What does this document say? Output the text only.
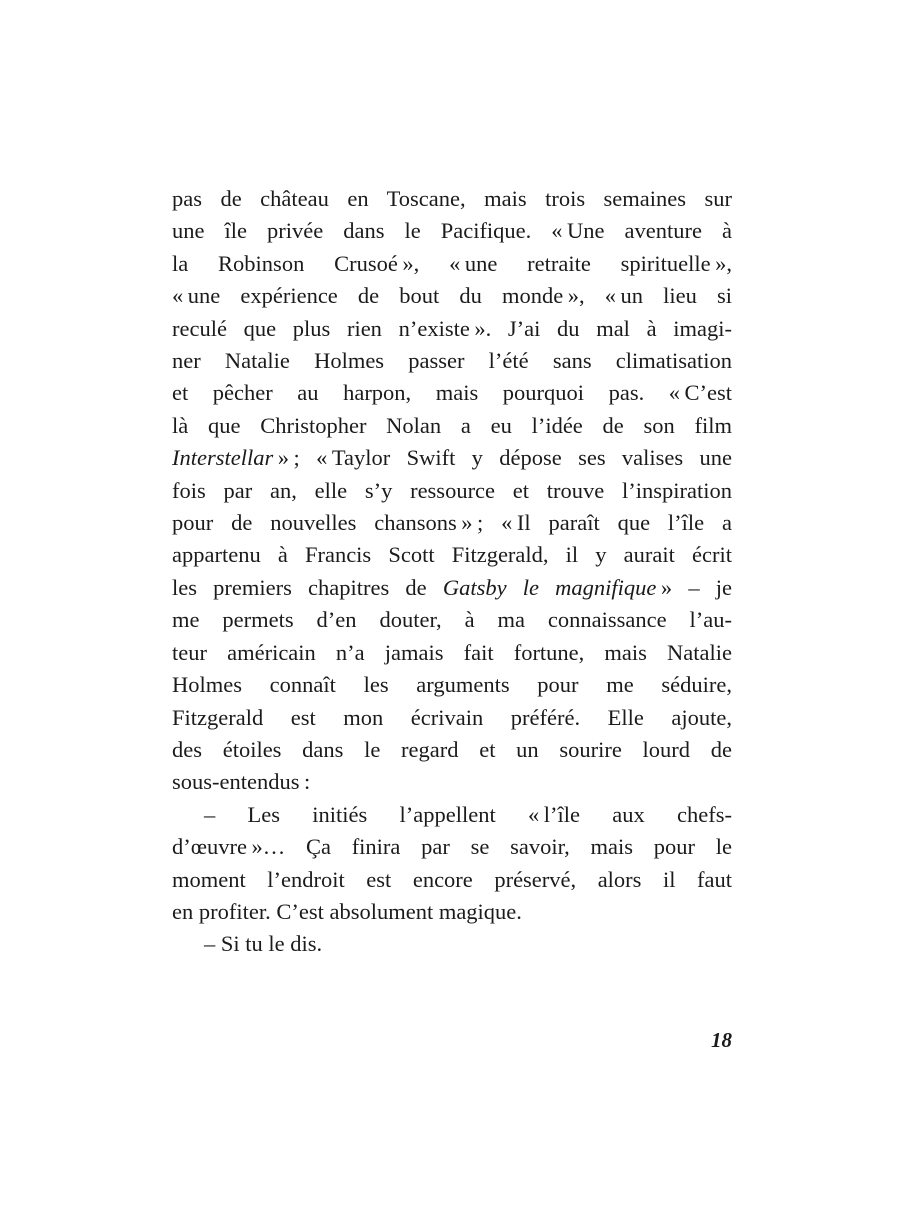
pas de château en Toscane, mais trois semaines sur
une île privée dans le Pacifique. « Une aventure à
la Robinson Crusoé », « une retraite spirituelle »,
« une expérience de bout du monde », « un lieu si
reculé que plus rien n’existe ». J’ai du mal à imagi-
ner Natalie Holmes passer l’été sans climatisation
et pêcher au harpon, mais pourquoi pas. « C’est
là que Christopher Nolan a eu l’idée de son film
Interstellar » ; « Taylor Swift y dépose ses valises une
fois par an, elle s’y ressource et trouve l’inspiration
pour de nouvelles chansons » ; « Il paraît que l’île a
appartenu à Francis Scott Fitzgerald, il y aurait écrit
les premiers chapitres de Gatsby le magnifique » – je
me permets d’en douter, à ma connaissance l’au-
teur américain n’a jamais fait fortune, mais Natalie
Holmes connaît les arguments pour me séduire,
Fitzgerald est mon écrivain préféré. Elle ajoute,
des étoiles dans le regard et un sourire lourd de
sous-entendus :
– Les initiés l’appellent « l’île aux chefs-
d’œuvre »… Ça finira par se savoir, mais pour le
moment l’endroit est encore préservé, alors il faut
en profiter. C’est absolument magique.
– Si tu le dis.
18
